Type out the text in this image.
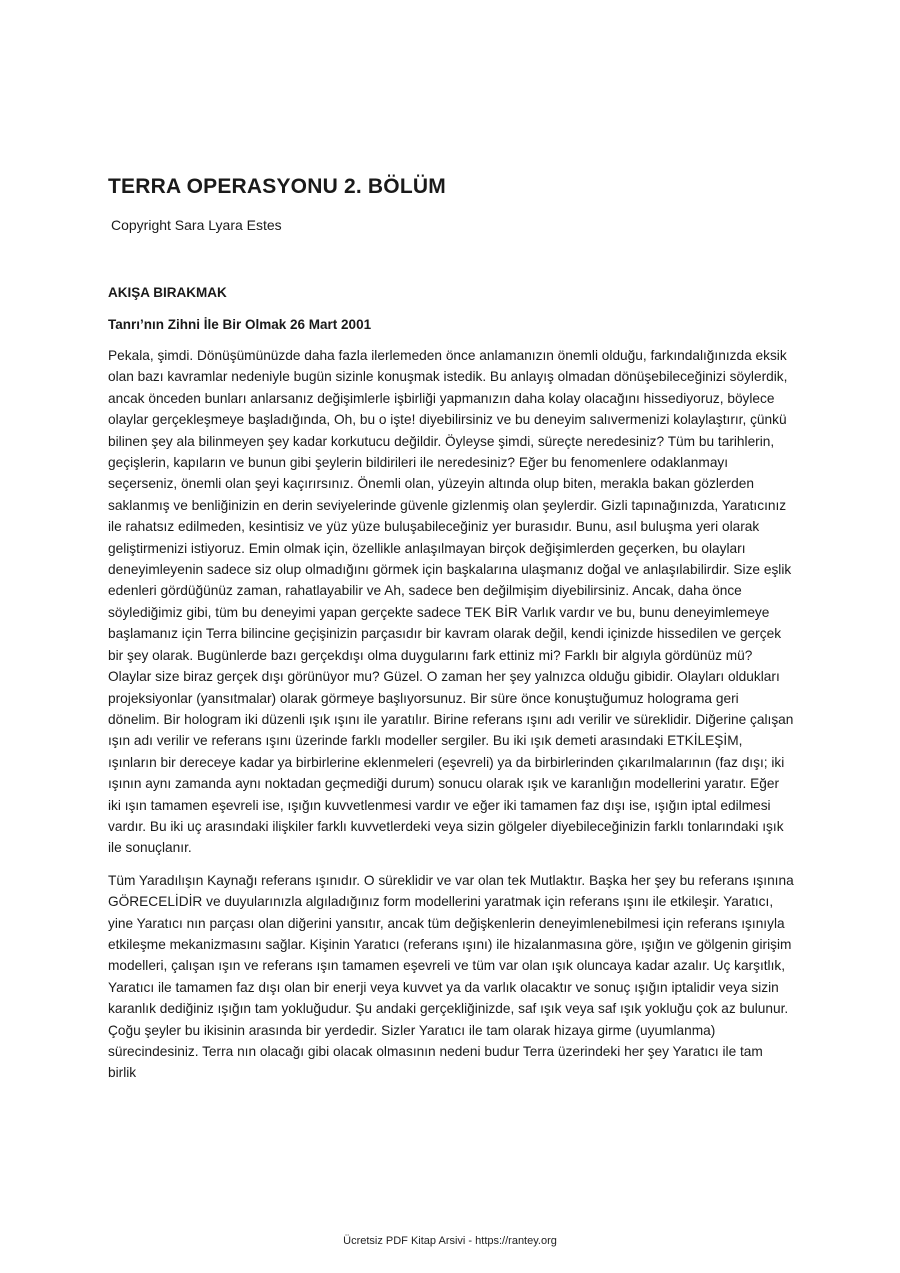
TERRA OPERASYONU 2. BÖLÜM

Copyright Sara Lyara Estes

AKIŞA BIRAKMAK

Tanrı’nın Zihni İle Bir Olmak 26 Mart 2001

Pekala, şimdi. Dönüşümünüzde daha fazla ilerlemeden önce anlamanızın önemli olduğu, farkındalığınızda eksik olan bazı kavramlar nedeniyle bugün sizinle konuşmak istedik. Bu anlayış olmadan dönüşebileceğinizi söylerdik, ancak önceden bunları anlarsanız değişimlerle işbirliği yapmanızın daha kolay olacağını hissediyoruz, böylece olaylar gerçekleşmeye başladığında, Oh, bu o işte! diyebilirsiniz ve bu deneyim salıvermenizi kolaylaştırır, çünkü bilinen şey ala bilinmeyen şey kadar korkutucu değildir. Öyleyse şimdi, süreçte neredesiniz? Tüm bu tarihlerin, geçişlerin, kapıların ve bunun gibi şeylerin bildirileri ile neredesiniz? Eğer bu fenomenlere odaklanmayı seçerseniz, önemli olan şeyi kaçırırsınız. Önemli olan, yüzeyin altında olup biten, merakla bakan gözlerden saklanmış ve benliğinizin en derin seviyelerinde güvenle gizlenmiş olan şeylerdir. Gizli tapınağınızda, Yaratıcınız ile rahatsız edilmeden, kesintisiz ve yüz yüze buluşabileceğiniz yer burasıdır. Bunu, asıl buluşma yeri olarak geliştirmenizi istiyoruz. Emin olmak için, özellikle anlaşılmayan birçok değişimlerden geçerken, bu olayları deneyimleyenin sadece siz olup olmadığını görmek için başkalarına ulaşmanız doğal ve anlaşılabilirdir. Size eşlik edenleri gördüğünüz zaman, rahatlayabilir ve Ah, sadece ben değilmişim diyebilirsiniz. Ancak, daha önce söylediğimiz gibi, tüm bu deneyimi yapan gerçekte sadece TEK BİR Varlık vardır ve bu, bunu deneyimlemeye başlamanız için Terra bilincine geçişinizin parçasıdır bir kavram olarak değil, kendi içinizde hissedilen ve gerçek bir şey olarak. Bugünlerde bazı gerçekdışı olma duygularını fark ettiniz mi? Farklı bir algıyla gördünüz mü? Olaylar size biraz gerçek dışı görünüyor mu? Güzel. O zaman her şey yalnızca olduğu gibidir. Olayları oldukları projeksiyonlar (yansıtmalar) olarak görmeye başlıyorsunuz. Bir süre önce konuştuğumuz holograma geri dönelim. Bir hologram iki düzenli ışık ışını ile yaratılır. Birine referans ışını adı verilir ve süreklidir. Diğerine çalışan ışın adı verilir ve referans ışını üzerinde farklı modeller sergiler. Bu iki ışık demeti arasındaki ETKİLEŞİM, ışınların bir dereceye kadar ya birbirlerine eklenmeleri (eşevreli) ya da birbirlerinden çıkarılmalarının (faz dışı; iki ışının aynı zamanda aynı noktadan geçmediği durum) sonucu olarak ışık ve karanlığın modellerini yaratır. Eğer iki ışın tamamen eşevreli ise, ışığın kuvvetlenmesi vardır ve eğer iki tamamen faz dışı ise, ışığın iptal edilmesi vardır. Bu iki uç arasındaki ilişkiler farklı kuvvetlerdeki veya sizin gölgeler diyebileceğinizin farklı tonlarındaki ışık ile sonuçlanır.

Tüm Yaradılışın Kaynağı referans ışınıdır. O süreklidir ve var olan tek Mutlaktır. Başka her şey bu referans ışınına GÖRECELİDİR ve duyularınızla algıladığınız form modellerini yaratmak için referans ışını ile etkileşir. Yaratıcı, yine Yaratıcı nın parçası olan diğerini yansıtır, ancak tüm değişkenlerin deneyimlenebilmesi için referans ışınıyla etkileşme mekanizmasını sağlar. Kişinin Yaratıcı (referans ışını) ile hizalanmasına göre, ışığın ve gölgenin girişim modelleri, çalışan ışın ve referans ışın tamamen eşevreli ve tüm var olan ışık oluncaya kadar azalır. Uç karşıtlık, Yaratıcı ile tamamen faz dışı olan bir enerji veya kuvvet ya da varlık olacaktır ve sonuç ışığın iptalidir veya sizin karanlık dediğiniz ışığın tam yokluğudur. Şu andaki gerçekliğinizde, saf ışık veya saf ışık yokluğu çok az bulunur. Çoğu şeyler bu ikisinin arasında bir yerdedir. Sizler Yaratıcı ile tam olarak hizaya girme (uyumlanma) sürecindesiniz. Terra nın olacağı gibi olacak olmasının nedeni budur Terra üzerindeki her şey Yaratıcı ile tam birlik

Ücretsiz PDF Kitap Arsivi - https://rantey.org
